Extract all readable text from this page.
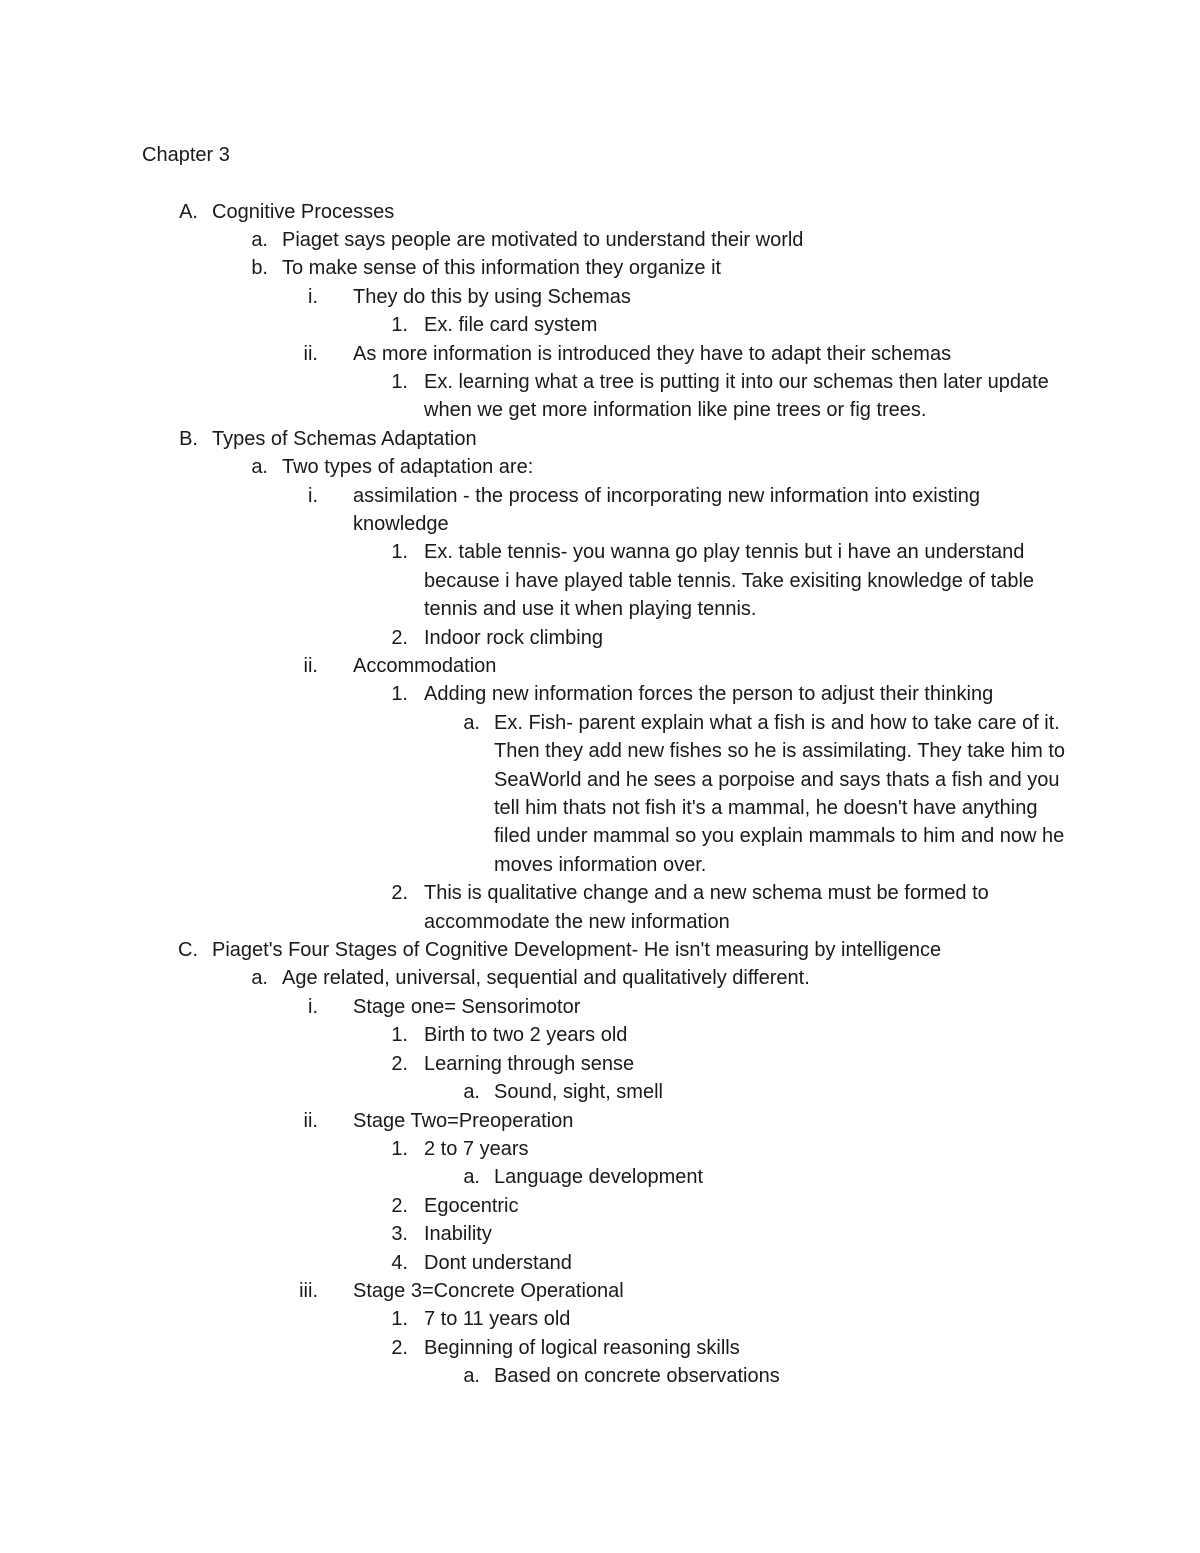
Chapter 3
A. Cognitive Processes
a. Piaget says people are motivated to understand their world
b. To make sense of this information they organize it
i. They do this by using Schemas
1. Ex. file card system
ii. As more information is introduced they have to adapt their schemas
1. Ex. learning what a tree is putting it into our schemas then later update when we get more information like pine trees or fig trees.
B. Types of Schemas Adaptation
a. Two types of adaptation are:
i. assimilation - the process of incorporating new information into existing knowledge
1. Ex. table tennis- you wanna go play tennis but i have an understand because i have played table tennis. Take exisiting knowledge of table tennis and use it when playing tennis.
2. Indoor rock climbing
ii. Accommodation
1. Adding new information forces the person to adjust their thinking
a. Ex. Fish- parent explain what a fish is and how to take care of it. Then they add new fishes so he is assimilating. They take him to SeaWorld and he sees a porpoise and says thats a fish and you tell him thats not fish it's a mammal, he doesn't have anything filed under mammal so you explain mammals to him and now he moves information over.
2. This is qualitative change and a new schema must be formed to accommodate the new information
C. Piaget's Four Stages of Cognitive Development- He isn't measuring by intelligence
a. Age related, universal, sequential and qualitatively different.
i. Stage one= Sensorimotor
1. Birth to two 2 years old
2. Learning through sense
a. Sound, sight, smell
ii. Stage Two=Preoperation
1. 2 to 7 years
a. Language development
2. Egocentric
3. Inability
4. Dont understand
iii. Stage 3=Concrete Operational
1. 7 to 11 years old
2. Beginning of logical reasoning skills
a. Based on concrete observations
